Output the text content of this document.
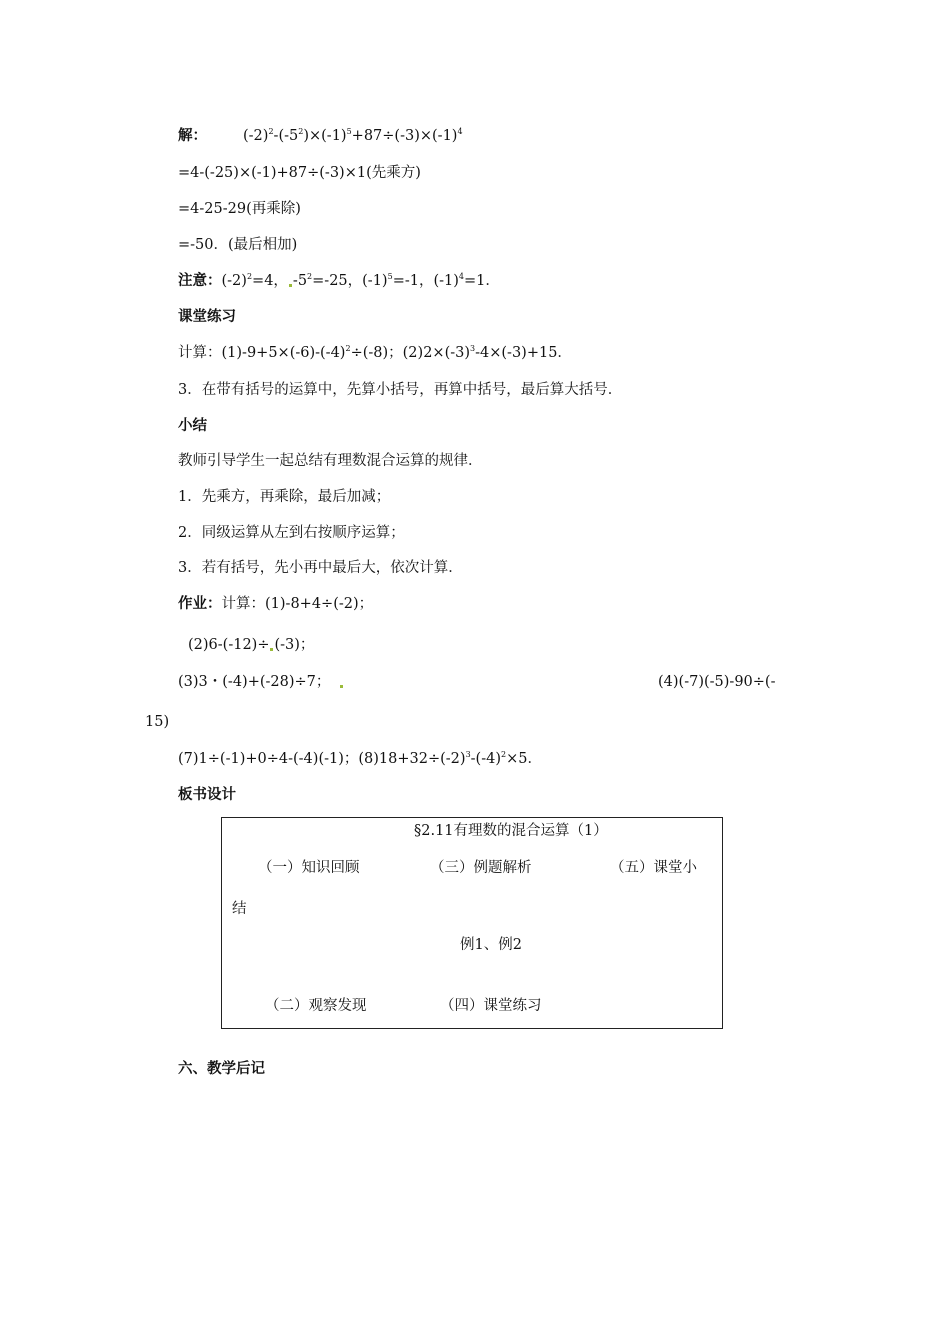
解： $(-2)^2-(-5^2)\times(-1)^5+87\div(-3)\times(-1)^4$
=4-(-25)×(-1)+87÷(-3)×1(先乘方)
=4-25-29(再乘除)
=-50．(最后相加)
注意：$(-2)^2=4$， $-5^2=-25$，$(-1)^5=-1$，$(-1)^4=1$．
课堂练习
计算：$(1)-9+5\times(-6)-(-4)^2\div(-8)$；$(2)2\times(-3)^3-4\times(-3)+15$．
3．在带有括号的运算中，先算小括号，再算中括号，最后算大括号．
小结
教师引导学生一起总结有理数混合运算的规律．
1．先乘方，再乘除，最后加减；
2．同级运算从左到右按顺序运算；
3．若有括号，先小再中最后大，依次计算．
作业：计算：(1)-8+4÷(-2)；
(2)6-(-12)÷ (-3)；
(3)3・(-4)+(-28)÷7；	(4)(-7)(-5)-90÷(-
15)
(7)1÷(-1)+0÷4-(-4)(-1)；$(8)18+32\div(-2)^3-(-4)^2\times 5$．
板书设计
§2.11有理数的混合运算（1）
（一）知识回顾	（三）例题解析	（五）课堂小
结
例1、例2
（二）观察发现	（四）课堂练习
六、教学后记
